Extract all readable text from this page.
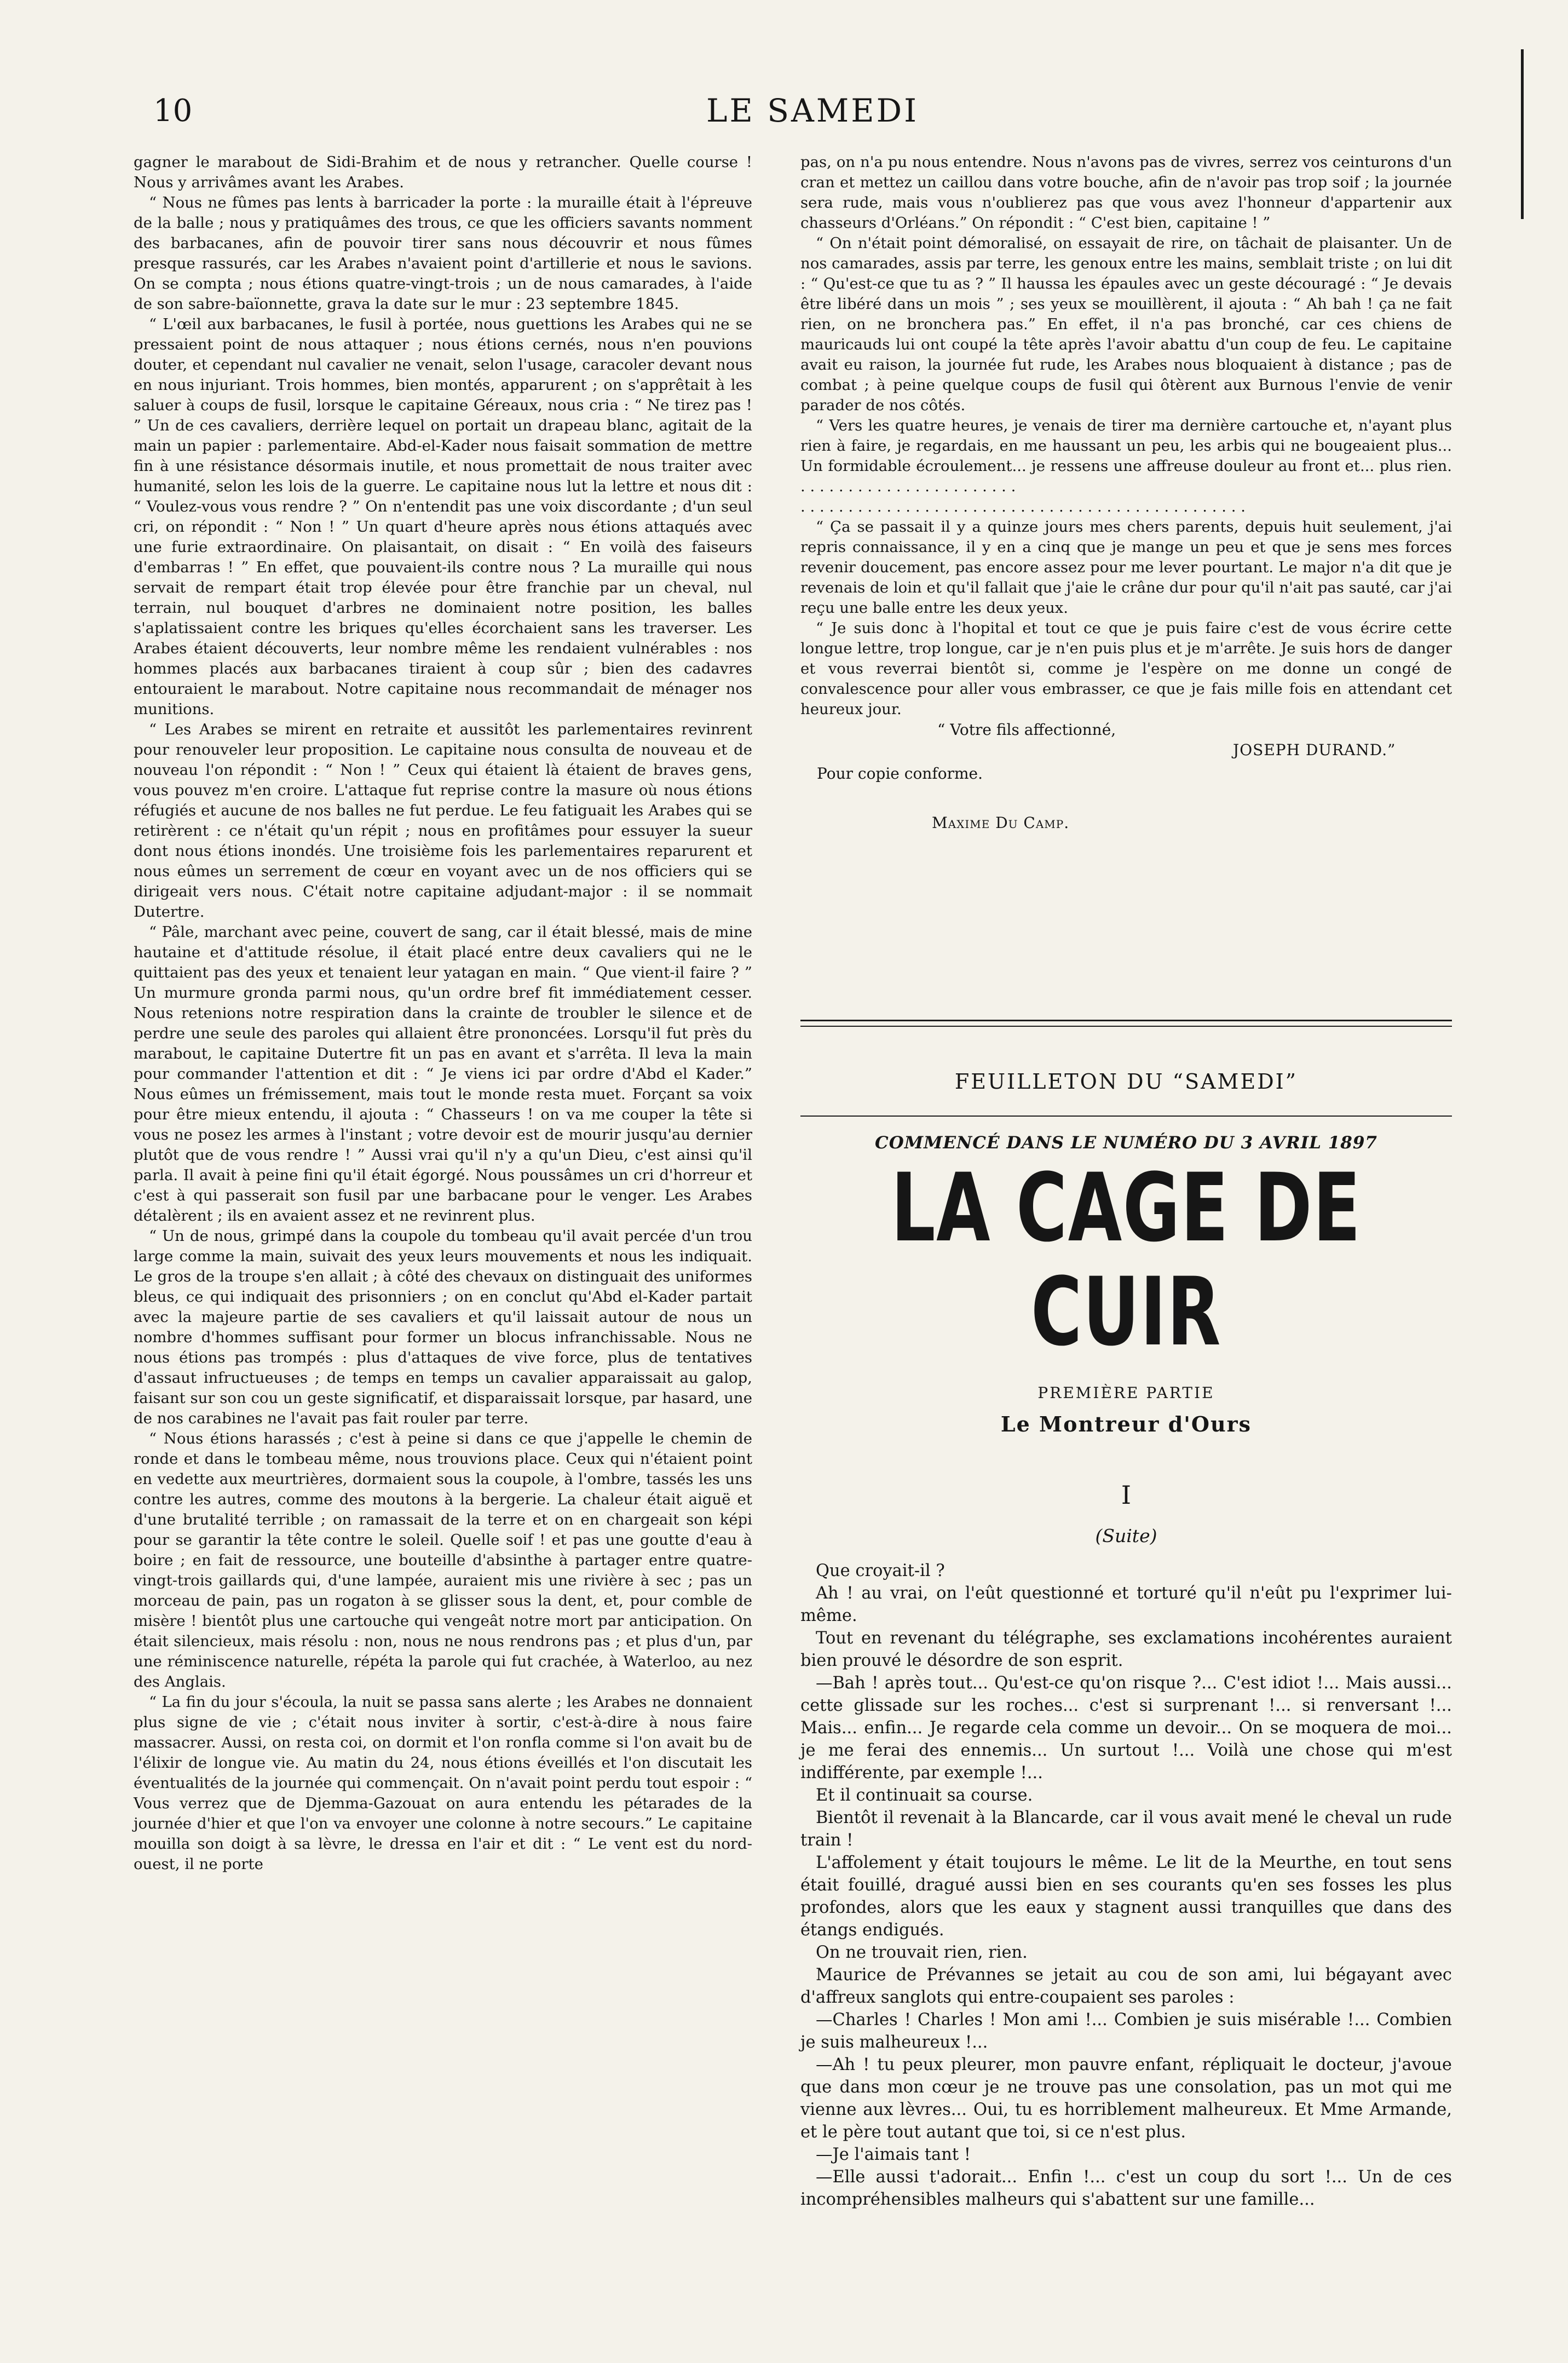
10	LE SAMEDI

gagner le marabout de Sidi-Brahim et de nous y retrancher. Quelle course ! Nous y arrivâmes avant les Arabes.

“ Nous ne fûmes pas lents à barricader la porte : la muraille était à l'épreuve de la balle ; nous y pratiquâmes des trous, ce que les officiers savants nomment des barbacanes, afin de pouvoir tirer sans nous découvrir et nous fûmes presque rassurés, car les Arabes n'avaient point d'artillerie et nous le savions. On se compta ; nous étions quatre-vingt-trois ; un de nous camarades, à l'aide de son sabre-baïonnette, grava la date sur le mur : 23 septembre 1845.

“ L'œil aux barbacanes, le fusil à portée, nous guettions les Arabes qui ne se pressaient point de nous attaquer ; nous étions cernés, nous n'en pouvions douter, et cependant nul cavalier ne venait, selon l'usage, caracoler devant nous en nous injuriant. Trois hommes, bien montés, apparurent ; on s'apprêtait à les saluer à coups de fusil, lorsque le capitaine Géreaux, nous cria : “ Ne tirez pas ! ” Un de ces cavaliers, derrière lequel on portait un drapeau blanc, agitait de la main un papier : parlementaire. Abd-el-Kader nous faisait sommation de mettre fin à une résistance désormais inutile, et nous promettait de nous traiter avec humanité, selon les lois de la guerre. Le capitaine nous lut la lettre et nous dit : “ Voulez-vous vous rendre ? ” On n'entendit pas une voix discordante ; d'un seul cri, on répondit : “ Non ! ” Un quart d'heure après nous étions attaqués avec une furie extraordinaire. On plaisantait, on disait : “ En voilà des faiseurs d'embarras ! ” En effet, que pouvaient-ils contre nous ? La muraille qui nous servait de rempart était trop élevée pour être franchie par un cheval, nul terrain, nul bouquet d'arbres ne dominaient notre position, les balles s'aplatissaient contre les briques qu'elles écorchaient sans les traverser. Les Arabes étaient découverts, leur nombre même les rendaient vulnérables : nos hommes placés aux barbacanes tiraient à coup sûr ; bien des cadavres entouraient le marabout. Notre capitaine nous recommandait de ménager nos munitions.

“ Les Arabes se mirent en retraite et aussitôt les parlementaires revinrent pour renouveler leur proposition. Le capitaine nous consulta de nouveau et de nouveau l'on répondit : “ Non ! ” Ceux qui étaient là étaient de braves gens, vous pouvez m'en croire. L'attaque fut reprise contre la masure où nous étions réfugiés et aucune de nos balles ne fut perdue. Le feu fatiguait les Arabes qui se retirèrent : ce n'était qu'un répit ; nous en profitâmes pour essuyer la sueur dont nous étions inondés. Une troisième fois les parlementaires reparurent et nous eûmes un serrement de cœur en voyant avec un de nos officiers qui se dirigeait vers nous. C'était notre capitaine adjudant-major : il se nommait Dutertre.

“ Pâle, marchant avec peine, couvert de sang, car il était blessé, mais de mine hautaine et d'attitude résolue, il était placé entre deux cavaliers qui ne le quittaient pas des yeux et tenaient leur yatagan en main. “ Que vient-il faire ? ” Un murmure gronda parmi nous, qu'un ordre bref fit immédiatement cesser. Nous retenions notre respiration dans la crainte de troubler le silence et de perdre une seule des paroles qui allaient être prononcées. Lorsqu'il fut près du marabout, le capitaine Dutertre fit un pas en avant et s'arrêta. Il leva la main pour commander l'attention et dit : “ Je viens ici par ordre d'Abd el Kader.” Nous eûmes un frémissement, mais tout le monde resta muet. Forçant sa voix pour être mieux entendu, il ajouta : “ Chasseurs ! on va me couper la tête si vous ne posez les armes à l'instant ; votre devoir est de mourir jusqu'au dernier plutôt que de vous rendre ! ” Aussi vrai qu'il n'y a qu'un Dieu, c'est ainsi qu'il parla. Il avait à peine fini qu'il était égorgé. Nous poussâmes un cri d'horreur et c'est à qui passerait son fusil par une barbacane pour le venger. Les Arabes détalèrent ; ils en avaient assez et ne revinrent plus.

“ Un de nous, grimpé dans la coupole du tombeau qu'il avait percée d'un trou large comme la main, suivait des yeux leurs mouvements et nous les indiquait. Le gros de la troupe s'en allait ; à côté des chevaux on distinguait des uniformes bleus, ce qui indiquait des prisonniers ; on en conclut qu'Abd el-Kader partait avec la majeure partie de ses cavaliers et qu'il laissait autour de nous un nombre d'hommes suffisant pour former un blocus infranchissable. Nous ne nous étions pas trompés : plus d'attaques de vive force, plus de tentatives d'assaut infructueuses ; de temps en temps un cavalier apparaissait au galop, faisant sur son cou un geste significatif, et disparaissait lorsque, par hasard, une de nos carabines ne l'avait pas fait rouler par terre.

“ Nous étions harassés ; c'est à peine si dans ce que j'appelle le chemin de ronde et dans le tombeau même, nous trouvions place. Ceux qui n'étaient point en vedette aux meurtrières, dormaient sous la coupole, à l'ombre, tassés les uns contre les autres, comme des moutons à la bergerie. La chaleur était aiguë et d'une brutalité terrible ; on ramassait de la terre et on en chargeait son képi pour se garantir la tête contre le soleil. Quelle soif ! et pas une goutte d'eau à boire ; en fait de ressource, une bouteille d'absinthe à partager entre quatre-vingt-trois gaillards qui, d'une lampée, auraient mis une rivière à sec ; pas un morceau de pain, pas un rogaton à se glisser sous la dent, et, pour comble de misère ! bientôt plus une cartouche qui vengeât notre mort par anticipation. On était silencieux, mais résolu : non, nous ne nous rendrons pas ; et plus d'un, par une réminiscence naturelle, répéta la parole qui fut crachée, à Waterloo, au nez des Anglais.

“ La fin du jour s'écoula, la nuit se passa sans alerte ; les Arabes ne donnaient plus signe de vie ; c'était nous inviter à sortir, c'est-à-dire à nous faire massacrer. Aussi, on resta coi, on dormit et l'on ronfla comme si l'on avait bu de l'élixir de longue vie. Au matin du 24, nous étions éveillés et l'on discutait les éventualités de la journée qui commençait. On n'avait point perdu tout espoir : “ Vous verrez que de Djemma-Gazouat on aura entendu les pétarades de la journée d'hier et que l'on va envoyer une colonne à notre secours.” Le capitaine mouilla son doigt à sa lèvre, le dressa en l'air et dit : “ Le vent est du nord-ouest, il ne porte

pas, on n'a pu nous entendre. Nous n'avons pas de vivres, serrez vos ceinturons d'un cran et mettez un caillou dans votre bouche, afin de n'avoir pas trop soif ; la journée sera rude, mais vous n'oublierez pas que vous avez l'honneur d'appartenir aux chasseurs d'Orléans.” On répondit : “ C'est bien, capitaine ! ”

“ On n'était point démoralisé, on essayait de rire, on tâchait de plaisanter. Un de nos camarades, assis par terre, les genoux entre les mains, semblait triste ; on lui dit : “ Qu'est-ce que tu as ? ” Il haussa les épaules avec un geste découragé : “ Je devais être libéré dans un mois ” ; ses yeux se mouillèrent, il ajouta : “ Ah bah ! ça ne fait rien, on ne bronchera pas.” En effet, il n'a pas bronché, car ces chiens de mauricauds lui ont coupé la tête après l'avoir abattu d'un coup de feu. Le capitaine avait eu raison, la journée fut rude, les Arabes nous bloquaient à distance ; pas de combat ; à peine quelque coups de fusil qui ôtèrent aux Burnous l'envie de venir parader de nos côtés.

“ Vers les quatre heures, je venais de tirer ma dernière cartouche et, n'ayant plus rien à faire, je regardais, en me haussant un peu, les arbis qui ne bougeaient plus... Un formidable écroulement... je ressens une affreuse douleur au front et... plus rien. . . . . . . . . . . . . . . . . . . . . . . .

. . . . . . . . . . . . . . . . . . . . . . . . . . . . . . . . . . . . . . . . . . . . . . .

“ Ça se passait il y a quinze jours mes chers parents, depuis huit seulement, j'ai repris connaissance, il y en a cinq que je mange un peu et que je sens mes forces revenir doucement, pas encore assez pour me lever pourtant. Le major n'a dit que je revenais de loin et qu'il fallait que j'aie le crâne dur pour qu'il n'ait pas sauté, car j'ai reçu une balle entre les deux yeux.

“ Je suis donc à l'hopital et tout ce que je puis faire c'est de vous écrire cette longue lettre, trop longue, car je n'en puis plus et je m'arrête. Je suis hors de danger et vous reverrai bientôt si, comme je l'espère on me donne un congé de convalescence pour aller vous embrasser, ce que je fais mille fois en attendant cet heureux jour.

“ Votre fils affectionné,
JOSEPH DURAND.”
Pour copie conforme.
Maxime Du Camp.
FEUILLETON DU “SAMEDI”
COMMENCÉ DANS LE NUMÉRO DU 3 AVRIL 1897
LA CAGE DE CUIR
PREMIÈRE PARTIE
Le Montreur d'Ours
I
(Suite)

Que croyait-il ?

Ah ! au vrai, on l'eût questionné et torturé qu'il n'eût pu l'exprimer lui-même.

Tout en revenant du télégraphe, ses exclamations incohérentes auraient bien prouvé le désordre de son esprit.

—Bah ! après tout... Qu'est-ce qu'on risque ?... C'est idiot !... Mais aussi... cette glissade sur les roches... c'est si surprenant !... si renversant !... Mais... enfin... Je regarde cela comme un devoir... On se moquera de moi... je me ferai des ennemis... Un surtout !... Voilà une chose qui m'est indifférente, par exemple !...

Et il continuait sa course.

Bientôt il revenait à la Blancarde, car il vous avait mené le cheval un rude train !

L'affolement y était toujours le même. Le lit de la Meurthe, en tout sens était fouillé, dragué aussi bien en ses courants qu'en ses fosses les plus profondes, alors que les eaux y stagnent aussi tranquilles que dans des étangs endigués.

On ne trouvait rien, rien.

Maurice de Prévannes se jetait au cou de son ami, lui bégayant avec d'affreux sanglots qui entre-coupaient ses paroles :

—Charles ! Charles ! Mon ami !... Combien je suis misérable !... Combien je suis malheureux !...

—Ah ! tu peux pleurer, mon pauvre enfant, répliquait le docteur, j'avoue que dans mon cœur je ne trouve pas une consolation, pas un mot qui me vienne aux lèvres... Oui, tu es horriblement malheureux. Et Mme Armande, et le père tout autant que toi, si ce n'est plus.

—Je l'aimais tant !

—Elle aussi t'adorait... Enfin !... c'est un coup du sort !... Un de ces incompréhensibles malheurs qui s'abattent sur une famille...
